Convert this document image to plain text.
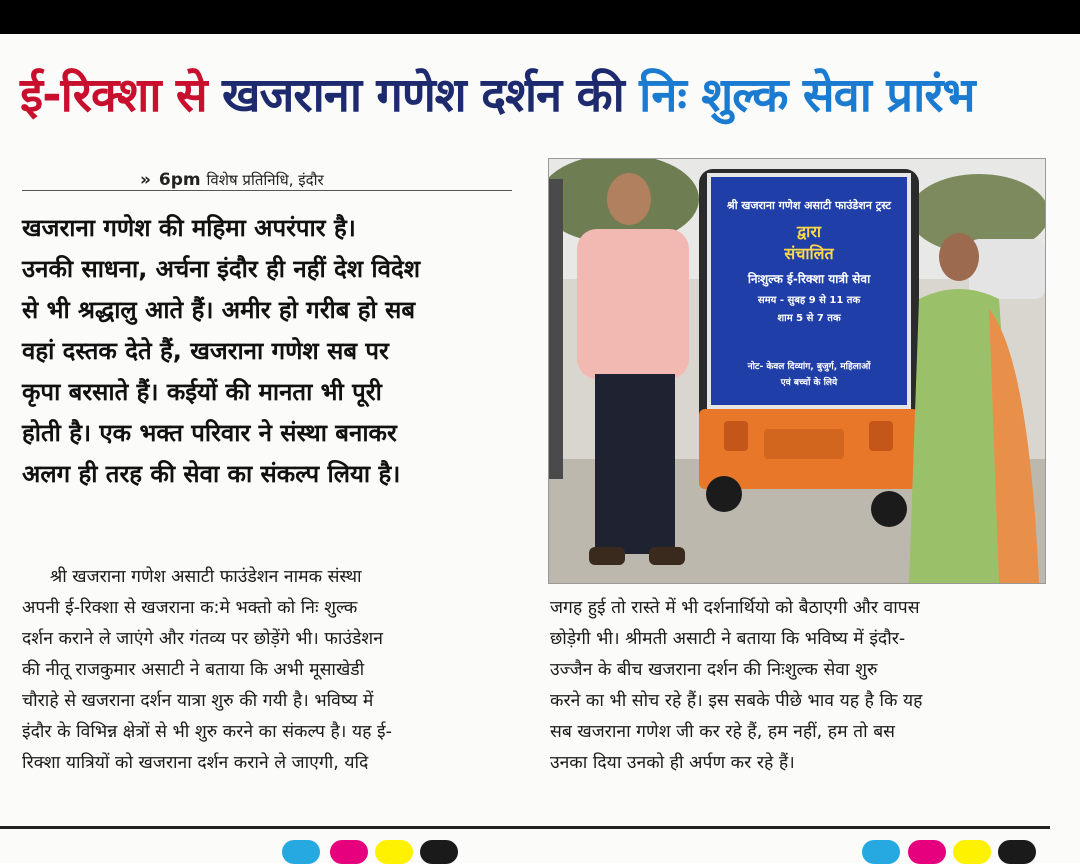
ई-रिक्शा से खजराना गणेश दर्शन की निः शुल्क सेवा प्रारंभ
» 6pm विशेष प्रतिनिधि, इंदौर

खजराना गणेश की महिमा अपरंपार है।

उनकी साधना, अर्चना इंदौर ही नहीं देश विदेश

से भी श्रद्धालु आते हैं। अमीर हो गरीब हो सब

वहां दस्तक देते हैं, खजराना गणेश सब पर

कृपा बरसाते हैं। कईयों की मानता भी पूरी

होती है। एक भक्त परिवार ने संस्था बनाकर

अलग ही तरह की सेवा का संकल्प लिया है।

श्री खजराना गणेश असाटी फाउंडेशन नामक संस्था

अपनी ई-रिक्शा से खजराना क:मे भक्तो को निः शुल्क

दर्शन कराने ले जाएंगे और गंतव्य पर छोड़ेंगे भी। फाउंडेशन

की नीतू राजकुमार असाटी ने बताया कि अभी मूसाखेडी

चौराहे से खजराना दर्शन यात्रा शुरु की गयी है। भविष्य में

इंदौर के विभिन्न क्षेत्रों से भी शुरु करने का संकल्प है। यह ई-

रिक्शा यात्रियों को खजराना दर्शन कराने ले जाएगी, यदि

जगह हुई तो रास्ते में भी दर्शनार्थियो को बैठाएगी और वापस

छोड़ेगी भी। श्रीमती असाटी ने बताया कि भविष्य में इंदौर-

उज्जैन के बीच खजराना दर्शन की निःशुल्क सेवा शुरु

करने का भी सोच रहे हैं। इस सबके पीछे भाव यह है कि यह

सब खजराना गणेश जी कर रहे हैं, हम नहीं, हम तो बस

उनका दिया उनको ही अर्पण कर रहे हैं।

श्री खजराना गणेश असाटी फाउंडेशन ट्रस्ट
द्वारा
संचालित
निःशुल्क ई-रिक्शा यात्री सेवा
समय - सुबह 9 से 11 तक
शाम 5 से 7 तक
नोट- केवल दिव्यांग, बुजुर्ग, महिलाओं
एवं बच्चों के लिये
